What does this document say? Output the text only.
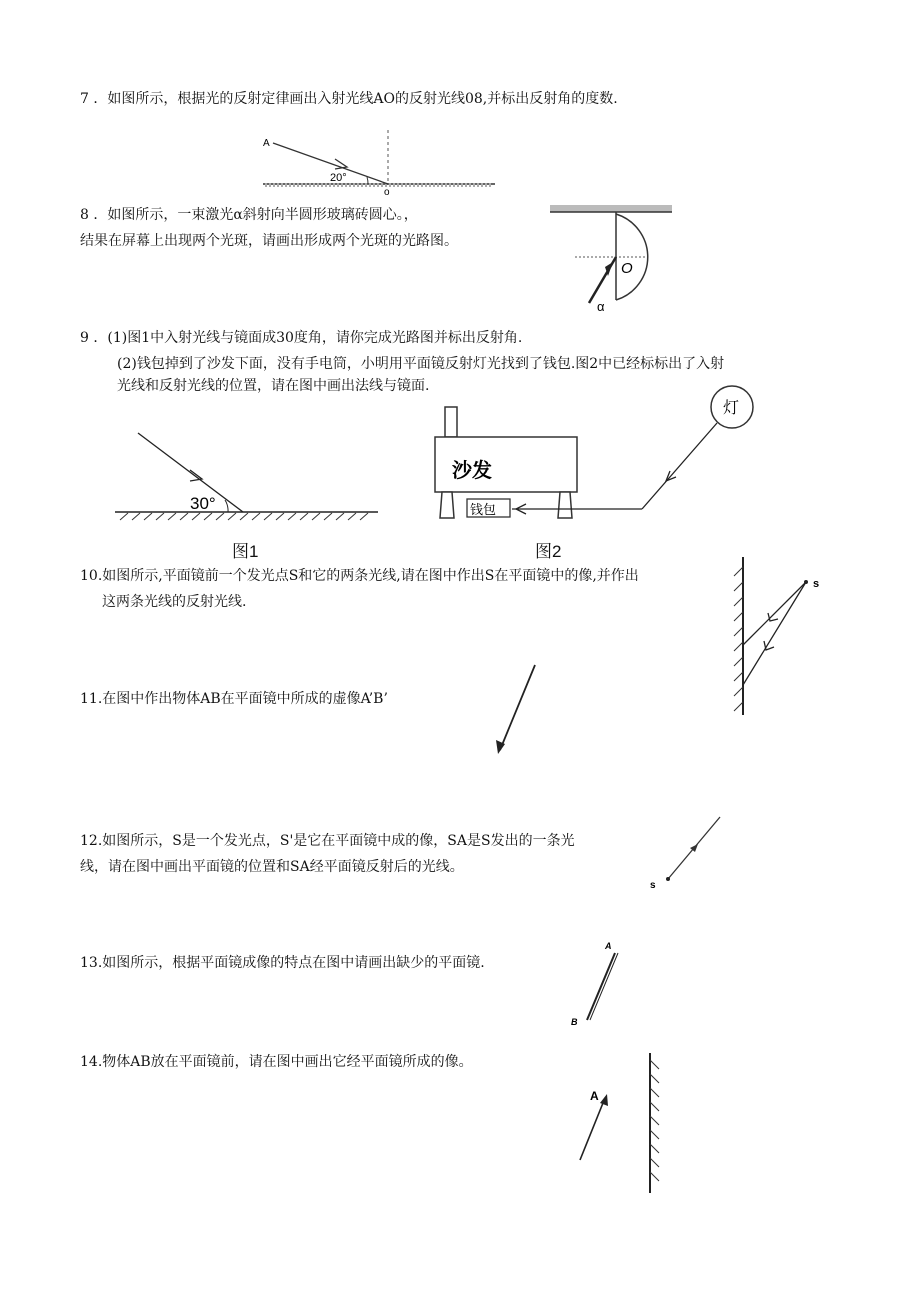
7 ．如图所示，根据光的反射定律画出入射光线AO的反射光线08,并标出反射角的度数.
A
20°
o
8 ．如图所示，一束激光α斜射向半圆形玻璃砖圆心。，
结果在屏幕上出现两个光斑，请画出形成两个光斑的光路图。
O
α
9 ．(1)图1中入射光线与镜面成30度角，请你完成光路图并标出反射角.
(2)钱包掉到了沙发下面，没有手电筒，小明用平面镜反射灯光找到了钱包.图2中已经标标出了入射
光线和反射光线的位置，请在图中画出法线与镜面.
30°
图1
沙发
钱包
灯
图2
10.如图所示,平面镜前一个发光点S和它的两条光线,请在图中作出S在平面镜中的像,并作出
这两条光线的反射光线.
s
11.在图中作出物体AB在平面镜中所成的虚像A’B’
12.如图所示，S是一个发光点，S'是它在平面镜中成的像，SA是S发出的一条光
线，请在图中画出平面镜的位置和SA经平面镜反射后的光线。
s
13.如图所示，根据平面镜成像的特点在图中请画出缺少的平面镜.
A
B
14.物体AB放在平面镜前，请在图中画出它经平面镜所成的像。
A
